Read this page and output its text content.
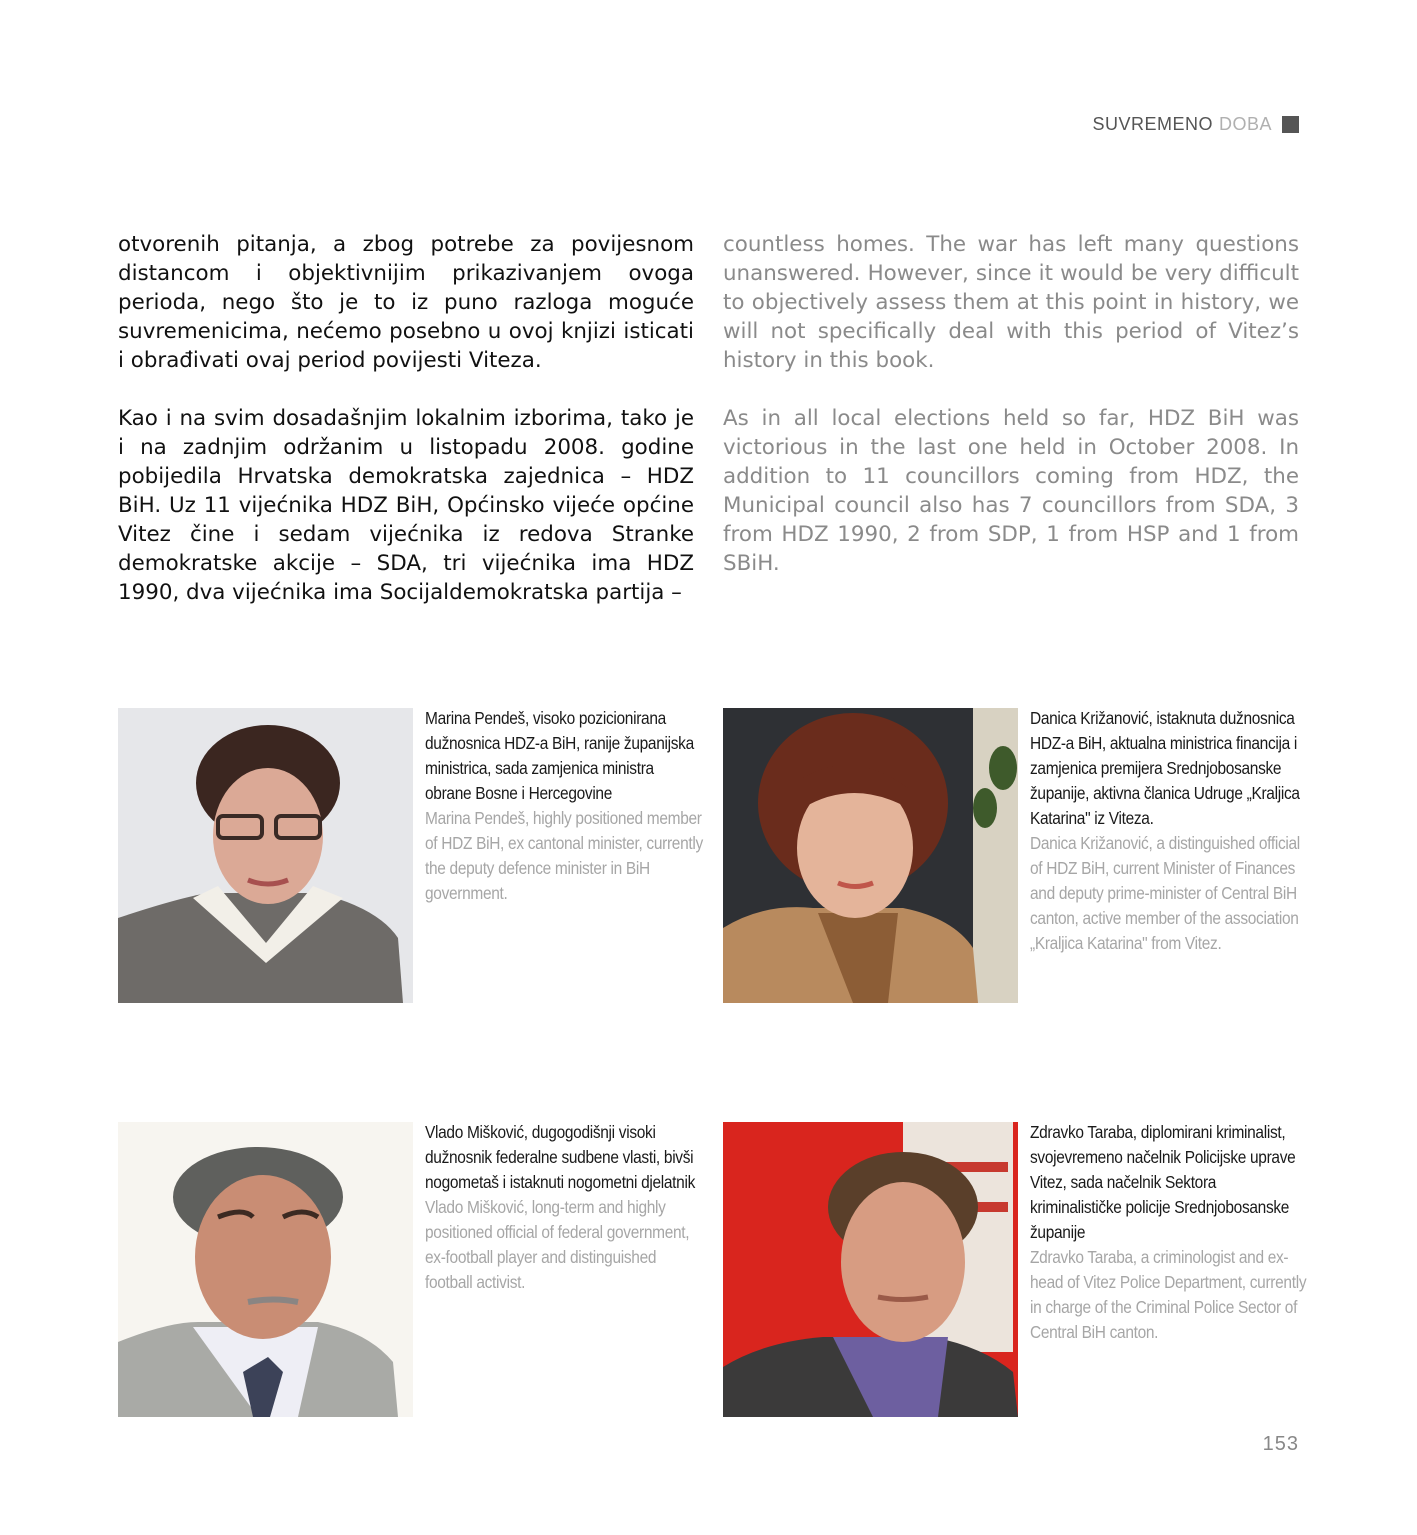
SUVREMENO DOBA

otvorenih pitanja, a zbog potrebe za povijesnom distancom i objektivnijim prikazivanjem ovoga perioda, nego što je to iz puno razloga moguće suvremenicima, nećemo posebno u ovoj knjizi isticati i obrađivati ovaj period povijesti Viteza.

Kao i na svim dosadašnjim lokalnim izborima, tako je i na zadnjim održanim u listopadu 2008. godine pobijedila Hrvatska demokratska zajednica – HDZ BiH. Uz 11 vijećnika HDZ BiH, Općinsko vijeće općine Vitez čine i sedam vijećnika iz redova Stranke demokratske akcije – SDA, tri vijećnika ima HDZ 1990, dva vijećnika ima Socijaldemokratska partija –

countless homes. The war has left many questions unanswered. However, since it would be very difficult to objectively assess them at this point in history, we will not specifically deal with this period of Vitez’s history in this book.

As in all local elections held so far, HDZ BiH was victorious in the last one held in October 2008. In addition to 11 councillors coming from HDZ, the Municipal council also has 7 councillors from SDA, 3 from HDZ 1990, 2 from SDP, 1 from HSP and 1 from SBiH.

Marina Pendeš, visoko pozicionirana dužnosnica HDZ-a BiH, ranije županijska ministrica, sada zamjenica ministra obrane Bosne i Hercegovine
Marina Pendeš, highly positioned member of HDZ BiH, ex cantonal minister, currently the deputy defence minister in BiH government.
Danica Križanović, istaknuta dužnosnica HDZ-a BiH, aktualna ministrica financija i zamjenica premijera Srednjobosanske županije, aktivna članica Udruge „Kraljica Katarina" iz Viteza.
Danica Križanović, a distinguished official of HDZ BiH, current Minister of Finances and deputy prime-minister of Central BiH canton, active member of the association „Kraljica Katarina" from Vitez.
Vlado Mišković, dugogodišnji visoki dužnosnik federalne sudbene vlasti, bivši nogometaš i istaknuti nogometni djelatnik
Vlado Mišković, long-term and highly positioned official of federal government, ex-football player and distinguished football activist.
Zdravko Taraba, diplomirani kriminalist, svojevremeno načelnik Policijske uprave Vitez, sada načelnik Sektora kriminalističke policije Srednjobosanske županije
Zdravko Taraba, a criminologist and ex-head of Vitez Police Department, currently in charge of the Criminal Police Sector of Central BiH canton.
153
